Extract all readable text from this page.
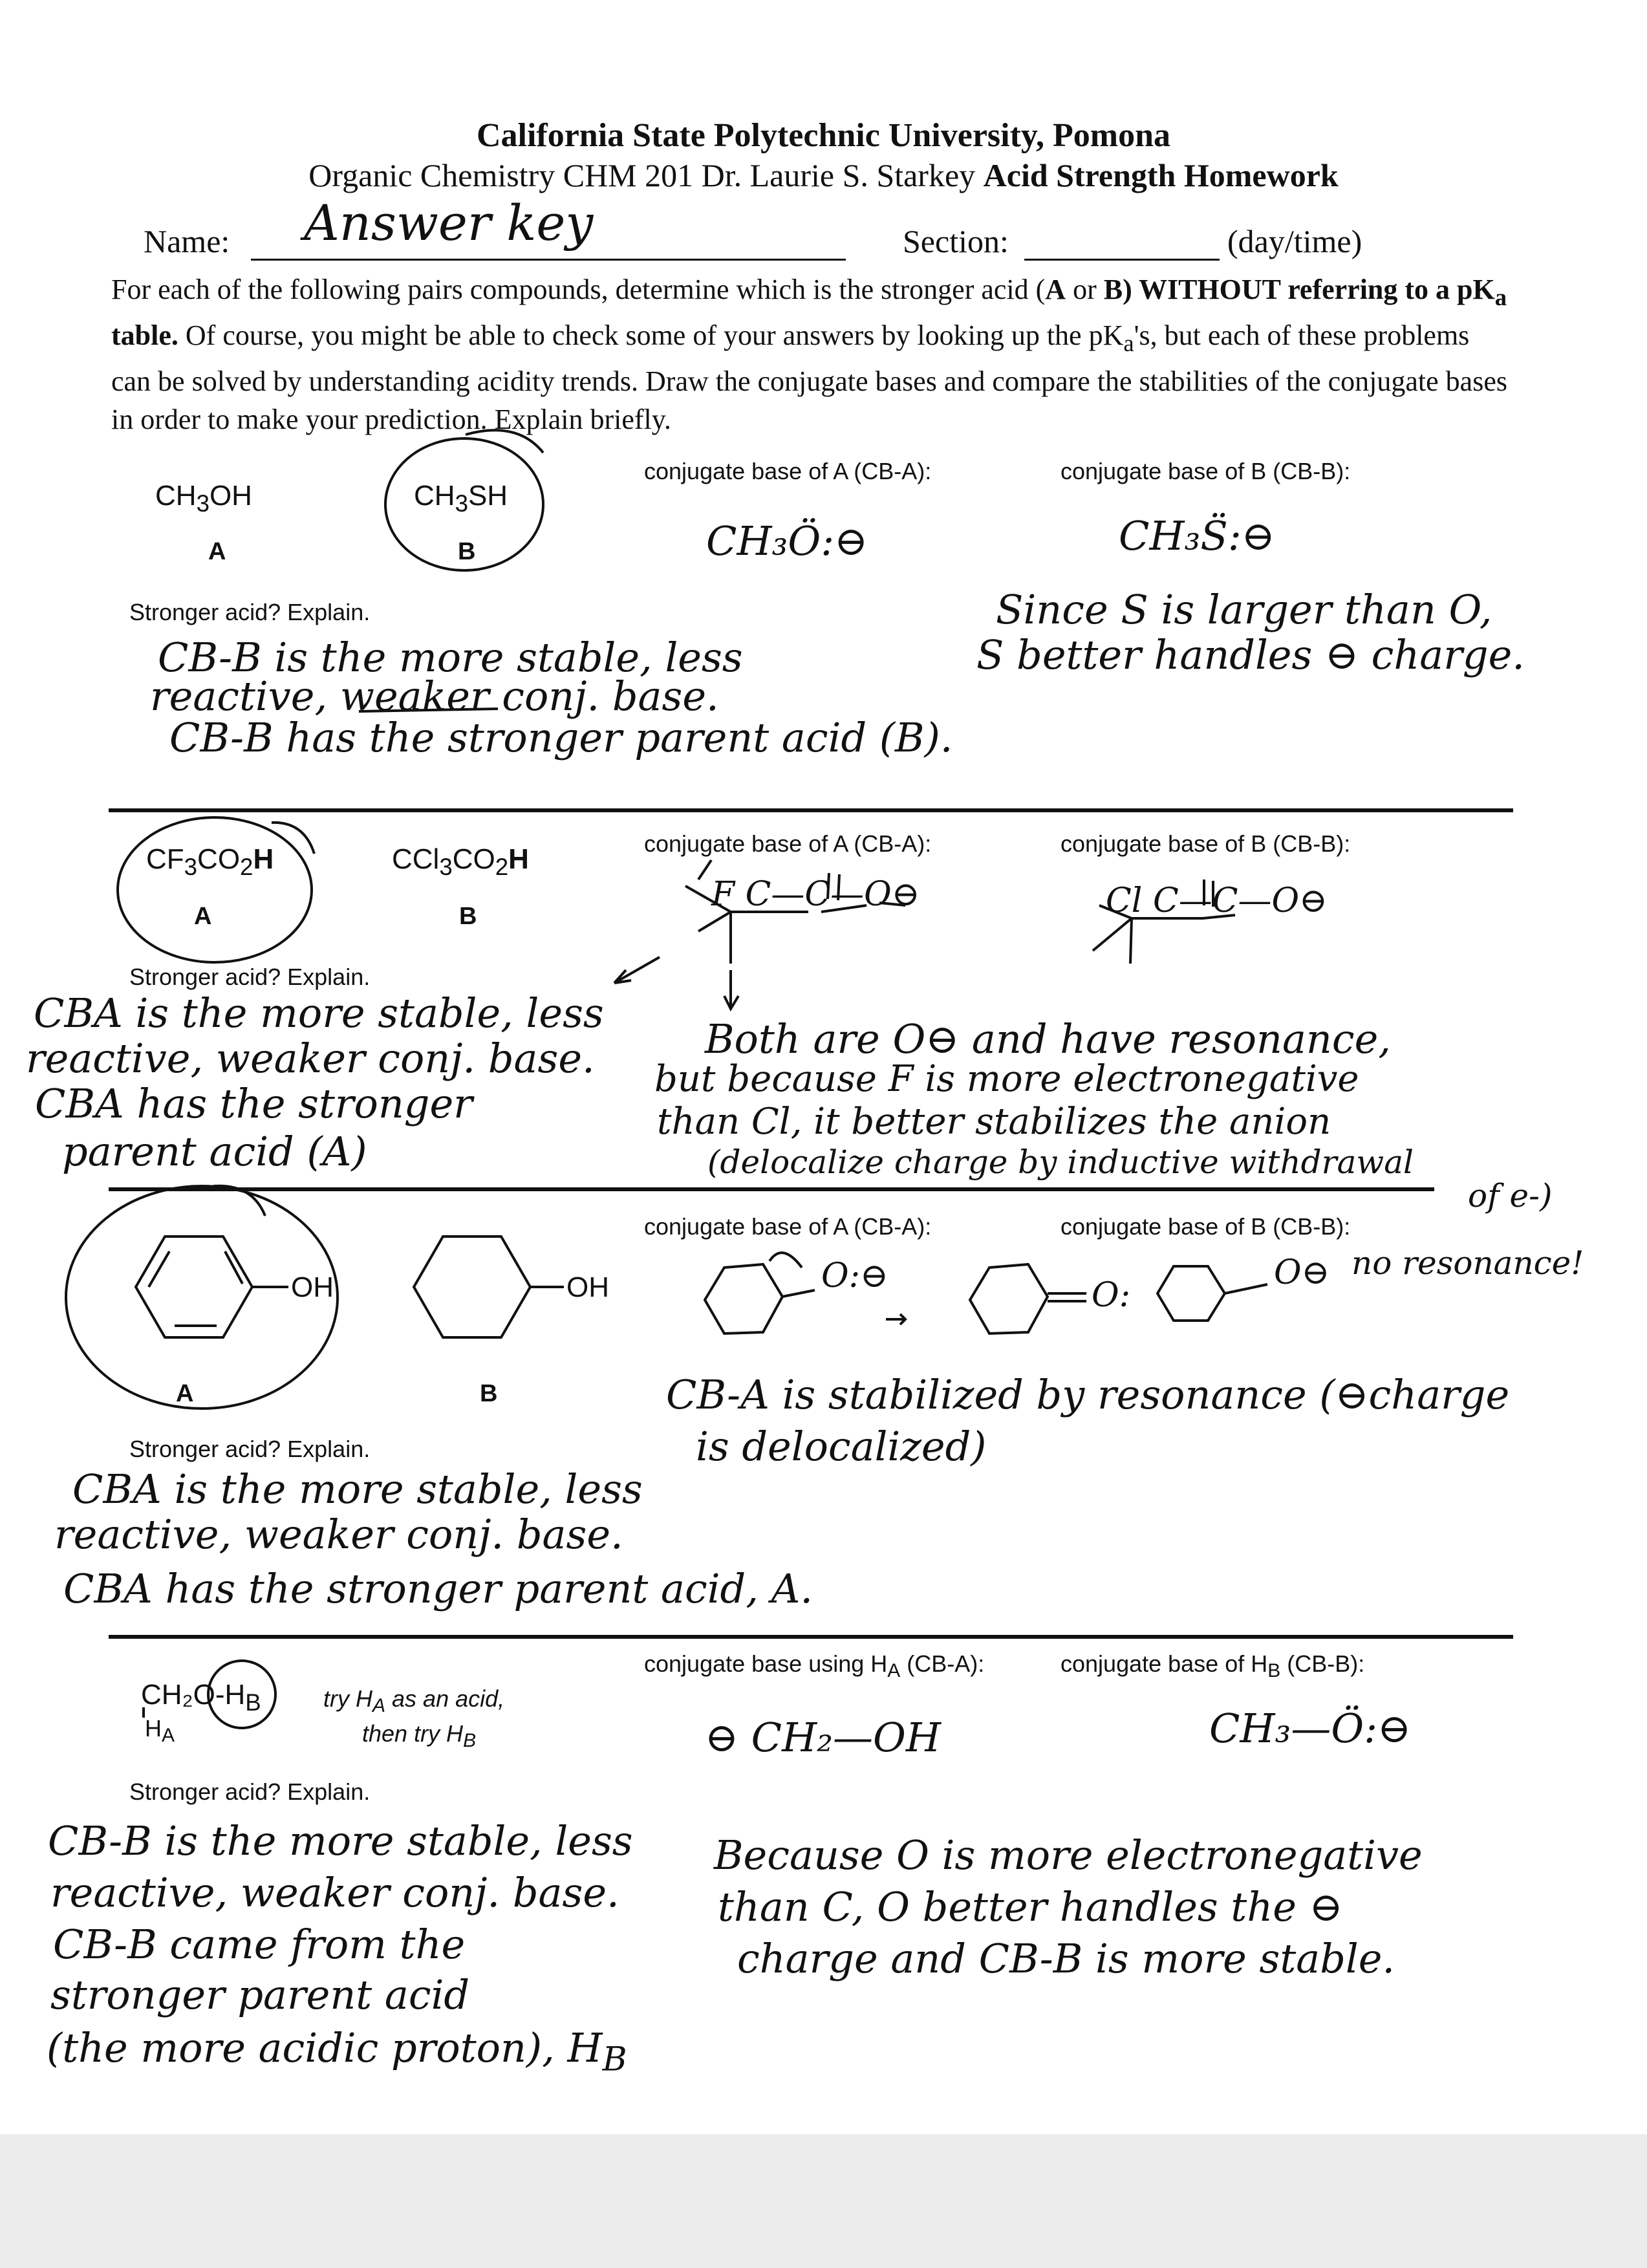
California State Polytechnic University, Pomona
Organic Chemistry CHM 201 Dr. Laurie S. Starkey Acid Strength Homework
Name: Answer key	Section:	(day/time)
For each of the following pairs compounds, determine which is the stronger acid (A or B) WITHOUT referring to a $pK_a$ table. Of course, you might be able to check some of your answers by looking up the $pK_a's$, but each of these problems can be solved by understanding acidity trends. Draw the conjugate bases and compare the stabilities of the conjugate bases in order to make your prediction. Explain briefly.
$CH_3OH$
A
$CH_3SH$
B
conjugate base of A (CB-A):	conjugate base of B (CB-B):
CH₃Ö:⊖	CH₃S̈:⊖
Stronger acid? Explain.
CB-B is the more stable, less
reactive, weaker conj. base.
CB-B has the stronger parent acid (B).
Since S is larger than O,
S better handles ⊖ charge.
$CF_3CO_2H$
A
$CCl_3CO_2H$
B
conjugate base of A (CB-A):	conjugate base of B (CB-B):
Stronger acid? Explain.
CBA is the more stable, less
reactive, weaker conj. base.
CBA has the stronger
parent acid (A)
Both are O⊖ and have resonance,
but because F is more electronegative
than Cl, it better stabilizes the anion
(delocalize charge by inductive withdrawal
of e-)
OH
A
OH
B
conjugate base of A (CB-A):	conjugate base of B (CB-B):
no resonance!
CB-A is stabilized by resonance (⊖charge
is delocalized)
Stronger acid? Explain.
CBA is the more stable, less
reactive, weaker conj. base.
CBA has the stronger parent acid, A.
CH₂O-$H_B$
$H_A$
try $H_A$ as an acid,
then try $H_B$
conjugate base using $H_A$ (CB-A):	conjugate base of $H_B$ (CB-B):
⊖ CH₂—OH	CH₃—Ö:⊖
Stronger acid? Explain.
CB-B is the more stable, less
reactive, weaker conj. base.
CB-B came from the
stronger parent acid
(the more acidic proton), $H_B$
Because O is more electronegative
than C, O better handles the ⊖
charge and CB-B is more stable.
F C—C—O⊖	Cl C—C—O⊖
O:⊖	O:
O⊖
